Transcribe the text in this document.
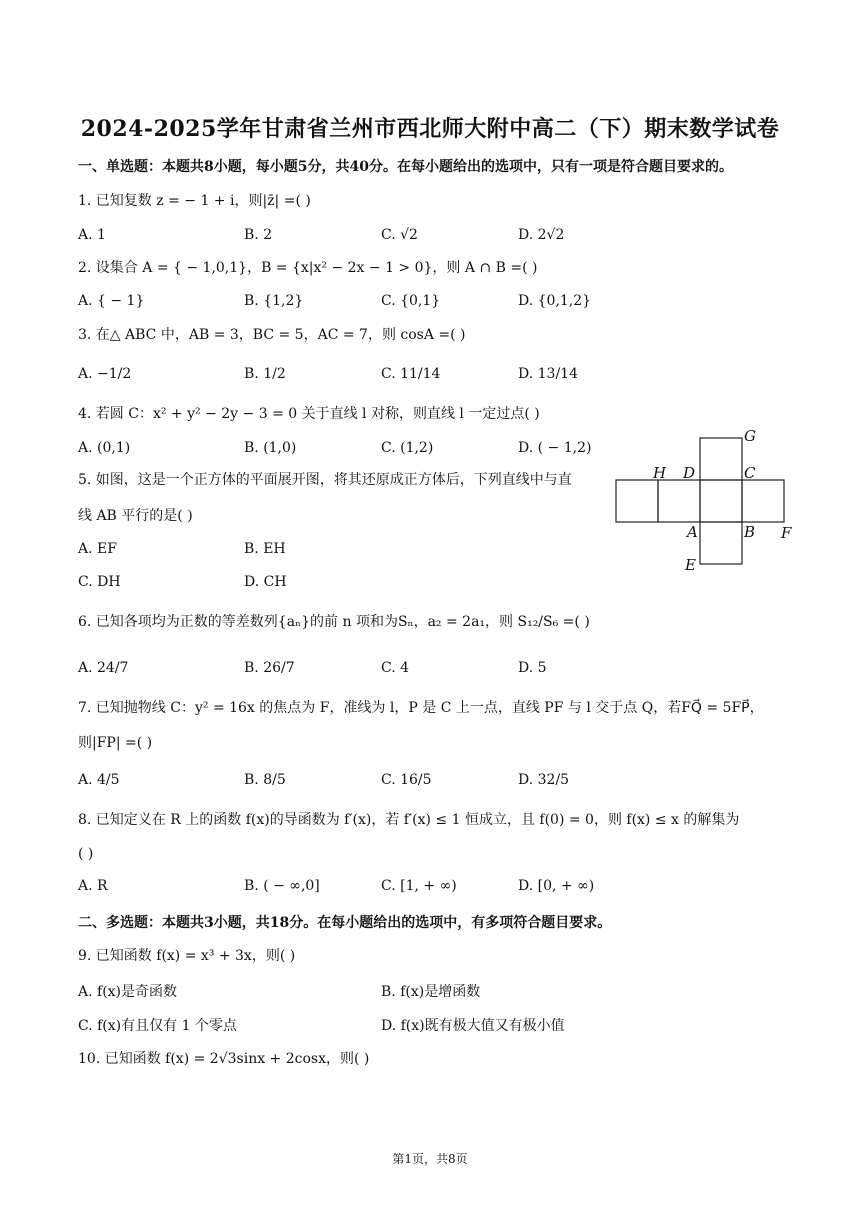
2024-2025学年甘肃省兰州市西北师大附中高二（下）期末数学试卷
一、单选题：本题共8小题，每小题5分，共40分。在每小题给出的选项中，只有一项是符合题目要求的。
1. 已知复数 z = − 1 + i，则|z̄| =( )
A. 1	B. 2	C. √2	D. 2√2
2. 设集合 A = { − 1,0,1}，B = {x|x² − 2x − 1 > 0}，则 A ∩ B =( )
A. { − 1}	B. {1,2}	C. {0,1}	D. {0,1,2}
3. 在△ ABC 中，AB = 3，BC = 5，AC = 7，则 cosA =( )
A. −1/2	B. 1/2	C. 11/14	D. 13/14
4. 若圆 C：x² + y² − 2y − 3 = 0 关于直线 l 对称，则直线 l 一定过点( )
A. (0,1)	B. (1,0)	C. (1,2)	D. ( − 1,2)
5. 如图，这是一个正方体的平面展开图，将其还原成正方体后，下列直线中与直
线 AB 平行的是( )
A. EF	B. EH
C. DH	D. CH
G
H D	C
A	B F
E
6. 已知各项均为正数的等差数列{aₙ}的前 n 项和为Sₙ，a₂ = 2a₁，则 S₁₂/S₆ =( )
A. 24/7	B. 26/7	C. 4	D. 5
7. 已知抛物线 C：y² = 16x 的焦点为 F，准线为 l，P 是 C 上一点，直线 PF 与 l 交于点 Q，若FQ⃗ = 5FP⃗，
则|FP| =( )
A. 4/5	B. 8/5	C. 16/5	D. 32/5
8. 已知定义在 R 上的函数 f(x)的导函数为 f′(x)，若 f′(x) ≤ 1 恒成立，且 f(0) = 0，则 f(x) ≤ x 的解集为
( )
A. R	B. ( − ∞,0]	C. [1, + ∞)	D. [0, + ∞)
二、多选题：本题共3小题，共18分。在每小题给出的选项中，有多项符合题目要求。
9. 已知函数 f(x) = x³ + 3x，则( )
A. f(x)是奇函数	B. f(x)是增函数
C. f(x)有且仅有 1 个零点	D. f(x)既有极大值又有极小值
10. 已知函数 f(x) = 2√3sinx + 2cosx，则( )
第1页，共8页
